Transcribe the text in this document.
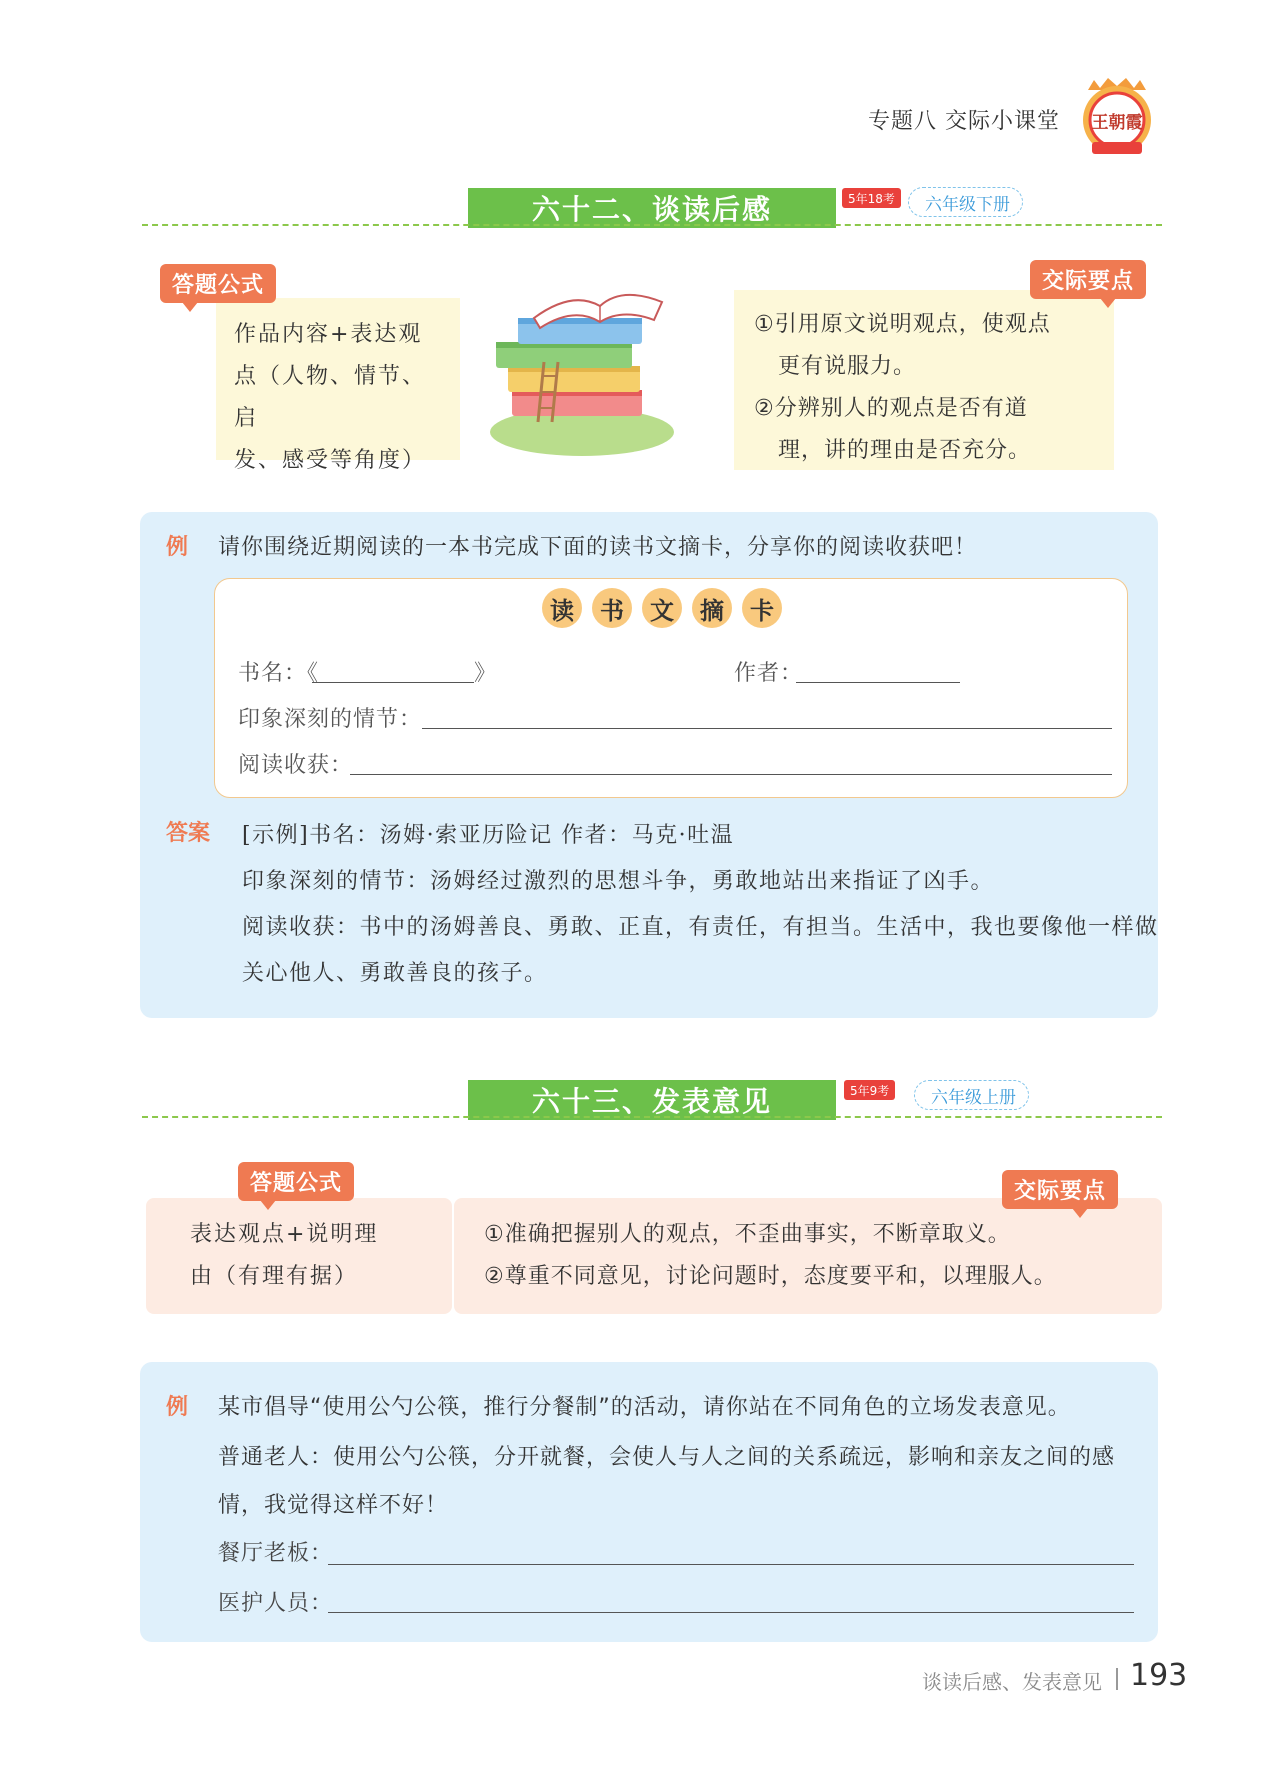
专题八 交际小课堂 王朝霞
六十二、谈读后感	5年18考	六年级下册
作品内容+表达观
点（人物、情节、启
发、感受等角度）
答题公式
①引用原文说明观点，使观点
更有说服力。
②分辨别人的观点是否有道
理，讲的理由是否充分。
交际要点
例 请你围绕近期阅读的一本书完成下面的读书文摘卡，分享你的阅读收获吧！
读	书	文	摘	卡
书名：《	》	作者：
印象深刻的情节：
阅读收获：
答案 [示例]书名：汤姆·索亚历险记 作者：马克·吐温
印象深刻的情节：汤姆经过激烈的思想斗争，勇敢地站出来指证了凶手。
阅读收获：书中的汤姆善良、勇敢、正直，有责任，有担当。生活中，我也要像他一样做
关心他人、勇敢善良的孩子。
六十三、发表意见	5年9考	六年级上册
表达观点+说明理
由（有理有据）
答题公式
①准确把握别人的观点，不歪曲事实，不断章取义。
②尊重不同意见，讨论问题时，态度要平和，以理服人。
交际要点
例 某市倡导“使用公勺公筷，推行分餐制”的活动，请你站在不同角色的立场发表意见。
普通老人：使用公勺公筷，分开就餐，会使人与人之间的关系疏远，影响和亲友之间的感
情，我觉得这样不好！
餐厅老板：
医护人员：
谈读后感、发表意见 193
